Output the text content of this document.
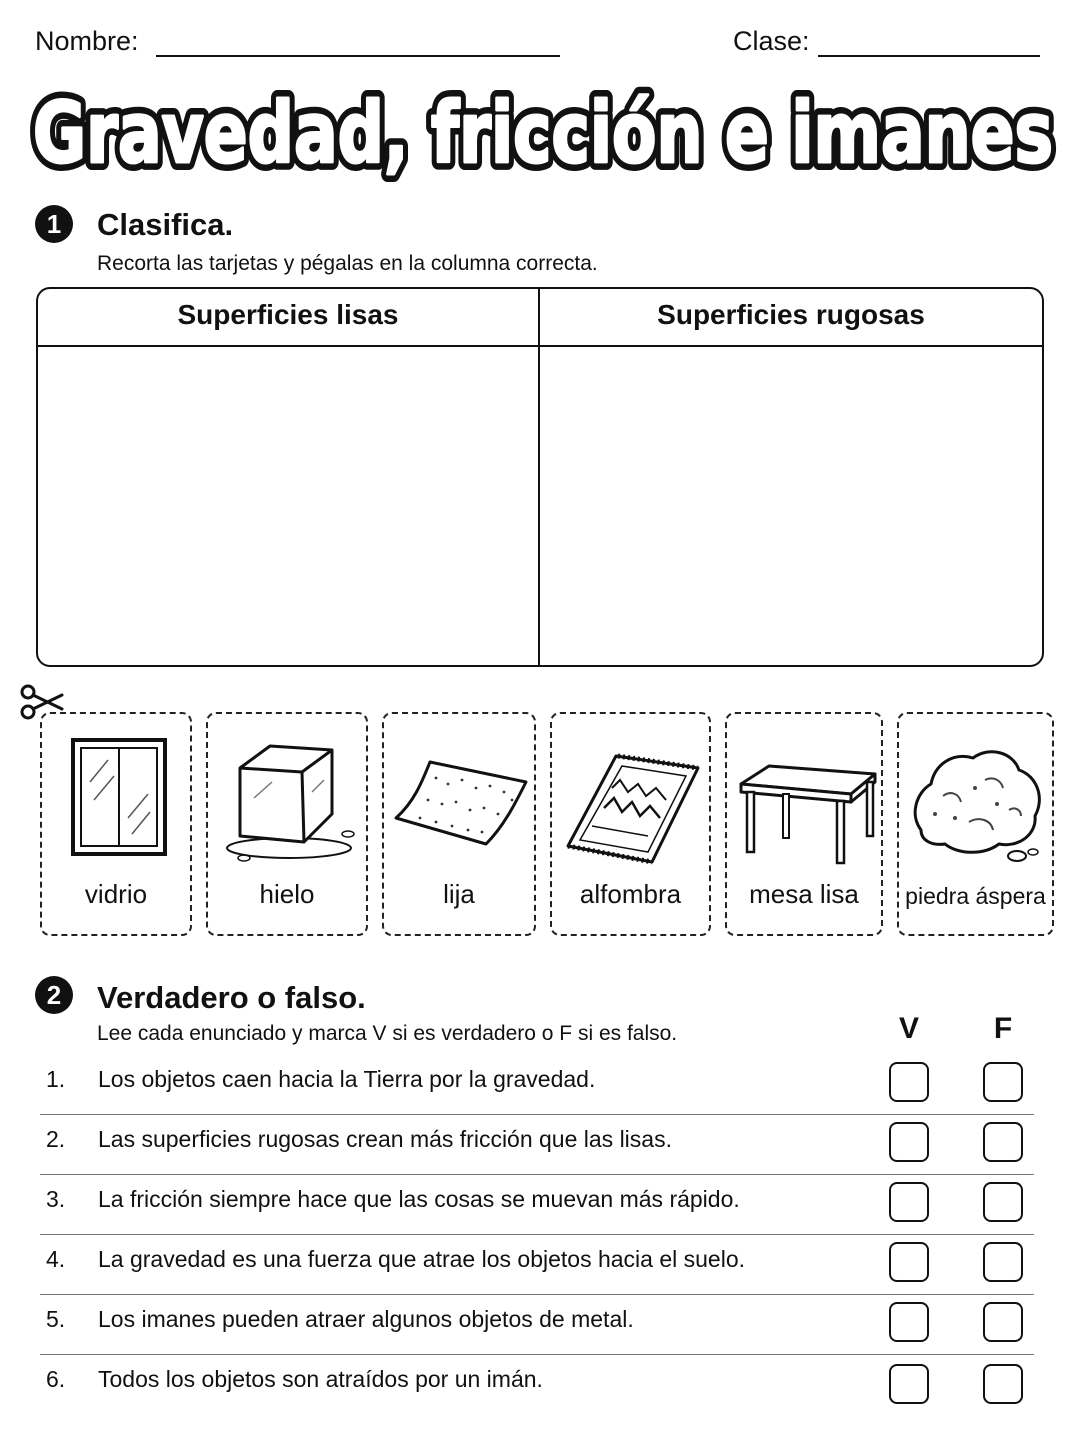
Nombre:	Clase:
Gravedad, fricción e imanes
Gravedad, fricción e imanes
1	Clasifica.
Recorta las tarjetas y pégalas en la columna correcta.
Superficies lisas	Superficies rugosas
vidrio	hielo	lija	alfombra	mesa lisa	piedra áspera
2	Verdadero o falso.
Lee cada enunciado y marca V si es verdadero o F si es falso.	V	F
1. Los objetos caen hacia la Tierra por la gravedad.
2. Las superficies rugosas crean más fricción que las lisas.
3. La fricción siempre hace que las cosas se muevan más rápido.
4. La gravedad es una fuerza que atrae los objetos hacia el suelo.
5. Los imanes pueden atraer algunos objetos de metal.
6. Todos los objetos son atraídos por un imán.
